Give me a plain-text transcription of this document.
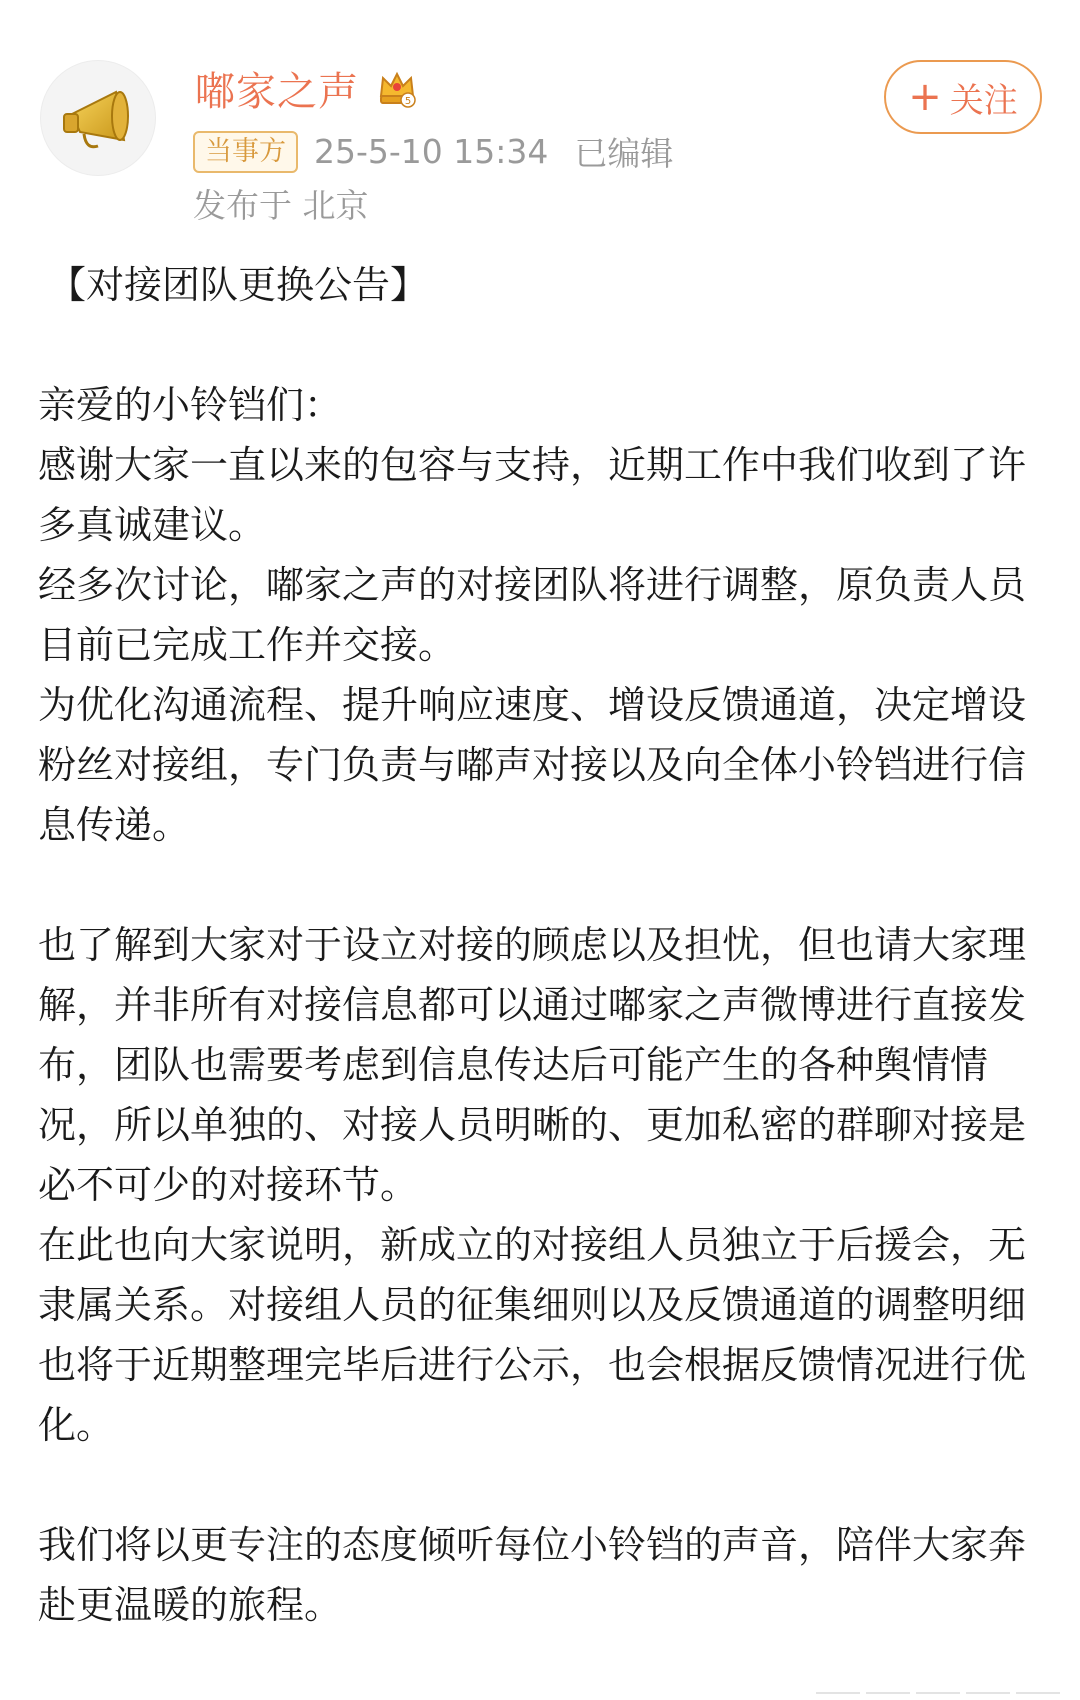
嘟家之声	5
当事方 25-5-10 15:34 已编辑
发布于 北京
+ 关注

【对接团队更换公告】

亲爱的小铃铛们：

感谢大家一直以来的包容与支持，近期工作中我们收到了许多真诚建议。

经多次讨论，嘟家之声的对接团队将进行调整，原负责人员目前已完成工作并交接。

为优化沟通流程、提升响应速度、增设反馈通道，决定增设粉丝对接组，专门负责与嘟声对接以及向全体小铃铛进行信息传递。

也了解到大家对于设立对接的顾虑以及担忧，但也请大家理解，并非所有对接信息都可以通过嘟家之声微博进行直接发布，团队也需要考虑到信息传达后可能产生的各种舆情情况，所以单独的、对接人员明晰的、更加私密的群聊对接是必不可少的对接环节。

在此也向大家说明，新成立的对接组人员独立于后援会，无隶属关系。对接组人员的征集细则以及反馈通道的调整明细也将于近期整理完毕后进行公示，也会根据反馈情况进行优化。

我们将以更专注的态度倾听每位小铃铛的声音，陪伴大家奔赴更温暖的旅程。
